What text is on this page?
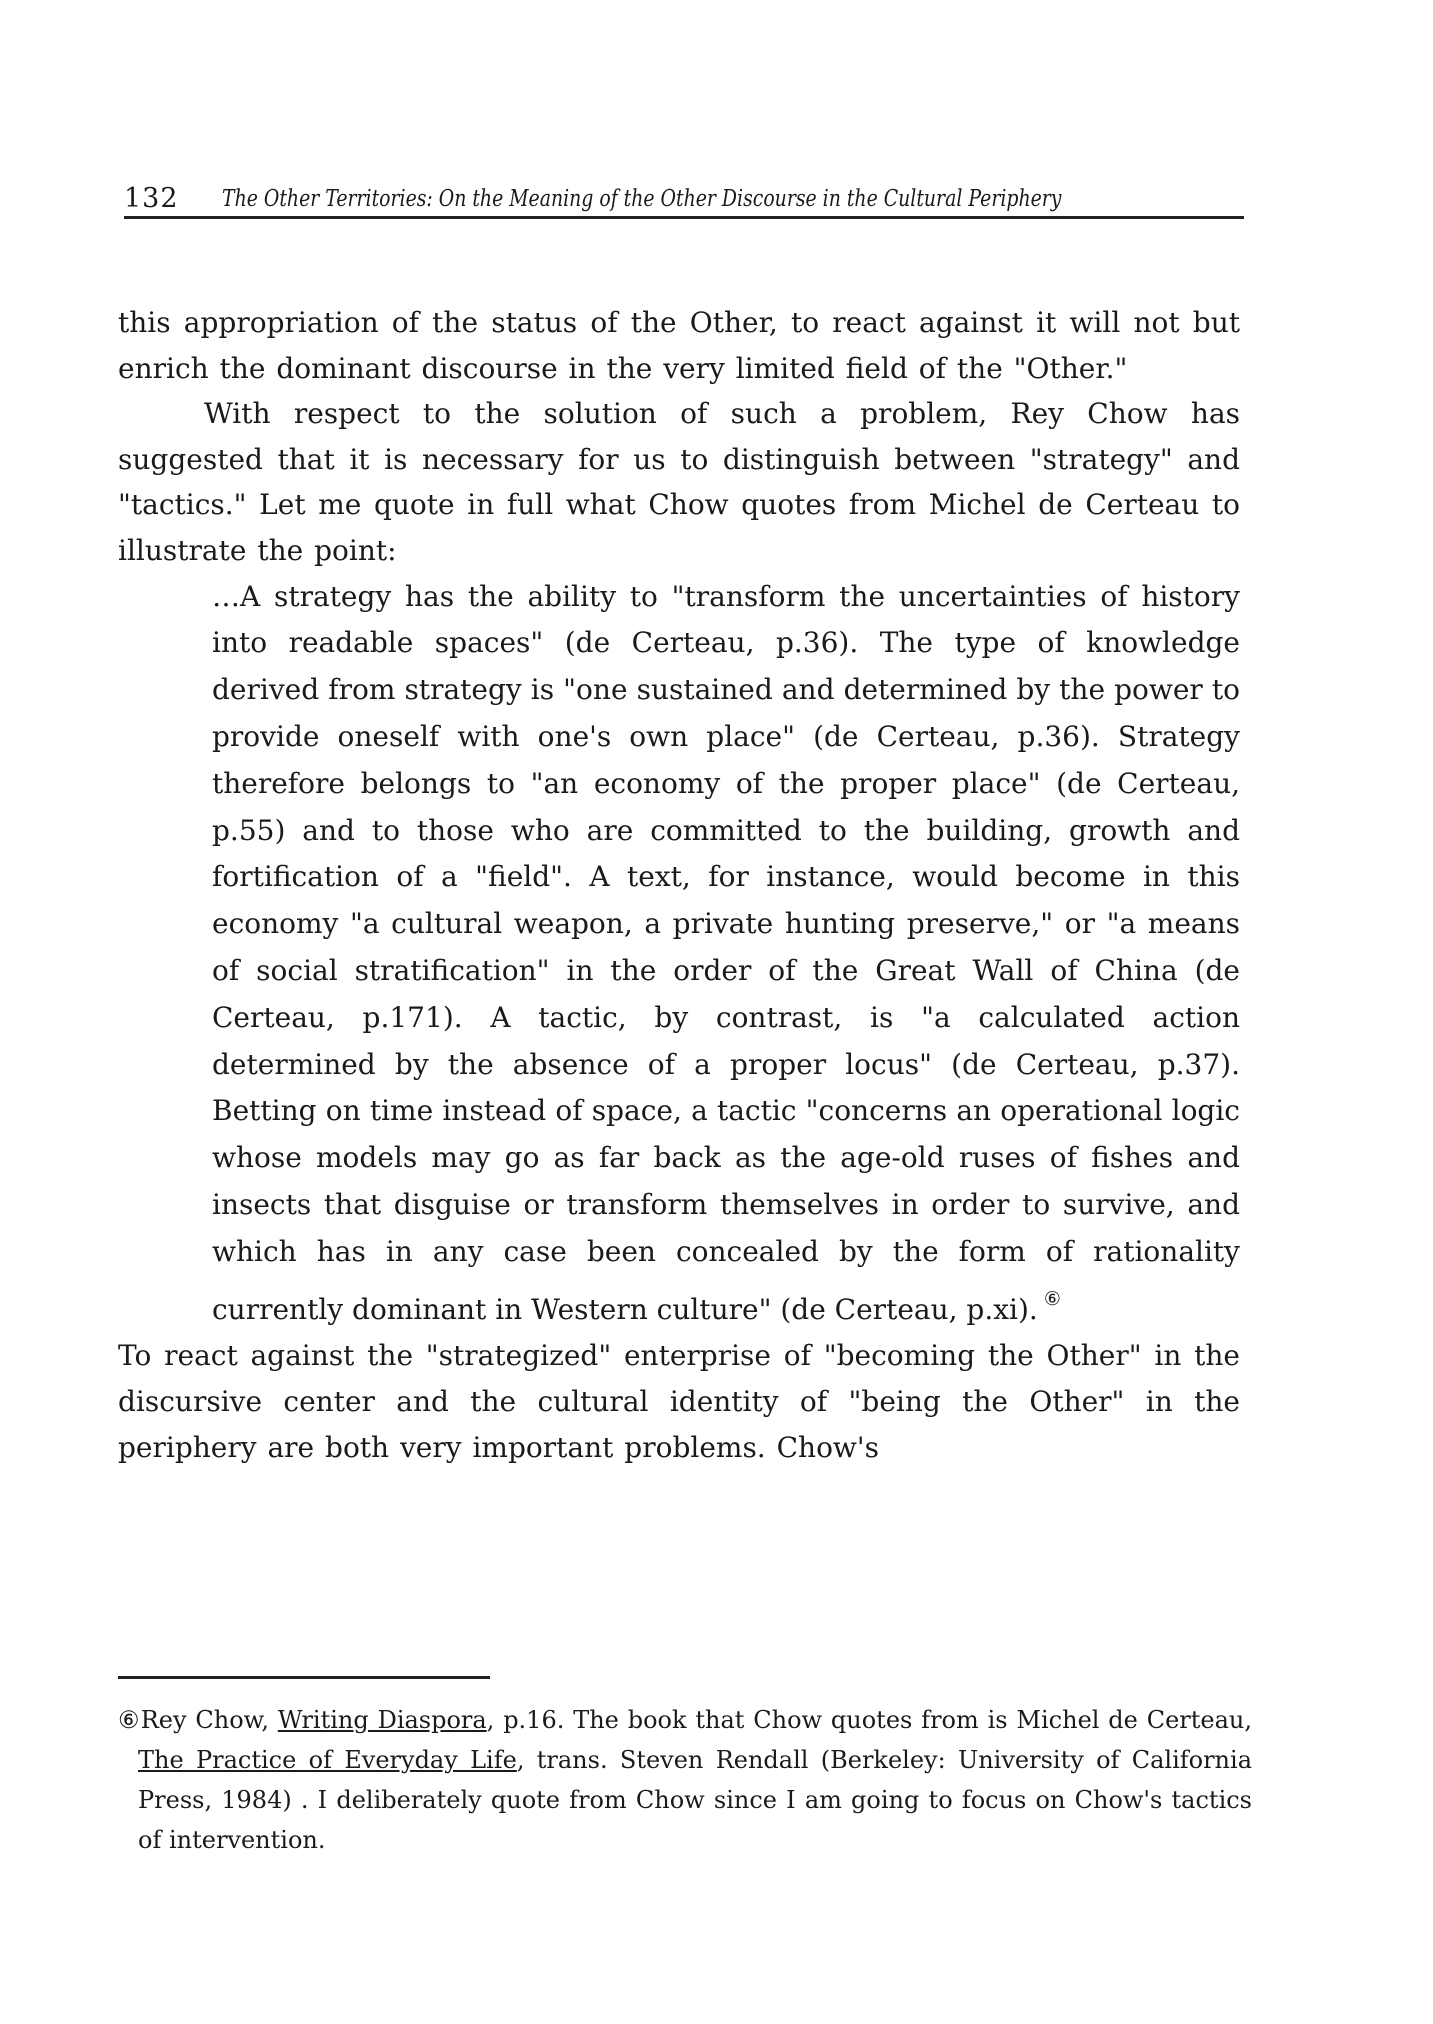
132 The Other Territories: On the Meaning of the Other Discourse in the Cultural Periphery

this appropriation of the status of the Other, to react against it will not but enrich the dominant discourse in the very limited field of the "Other."

With respect to the solution of such a problem, Rey Chow has suggested that it is necessary for us to distinguish between "strategy" and "tactics." Let me quote in full what Chow quotes from Michel de Certeau to illustrate the point:

…A strategy has the ability to "transform the uncertainties of history into readable spaces" (de Certeau, p.36). The type of knowledge derived from strategy is "one sustained and determined by the power to provide oneself with one's own place" (de Certeau, p.36). Strategy therefore belongs to "an economy of the proper place" (de Certeau, p.55) and to those who are committed to the building, growth and fortification of a "field". A text, for instance, would become in this economy "a cultural weapon, a private hunting preserve," or "a means of social stratification" in the order of the Great Wall of China (de Certeau, p.171). A tactic, by contrast, is "a calculated action determined by the absence of a proper locus" (de Certeau, p.37). Betting on time instead of space, a tactic "concerns an operational logic whose models may go as far back as the age-old ruses of fishes and insects that disguise or transform themselves in order to survive, and which has in any case been concealed by the form of rationality currently dominant in Western culture" (de Certeau, p.xi). ⑥

To react against the "strategized" enterprise of "becoming the Other" in the discursive center and the cultural identity of "being the Other" in the periphery are both very important problems. Chow's

⑥Rey Chow, Writing Diaspora, p.16. The book that Chow quotes from is Michel de Certeau, The Practice of Everyday Life, trans. Steven Rendall (Berkeley: University of California Press, 1984) . I deliberately quote from Chow since I am going to focus on Chow's tactics of intervention.
